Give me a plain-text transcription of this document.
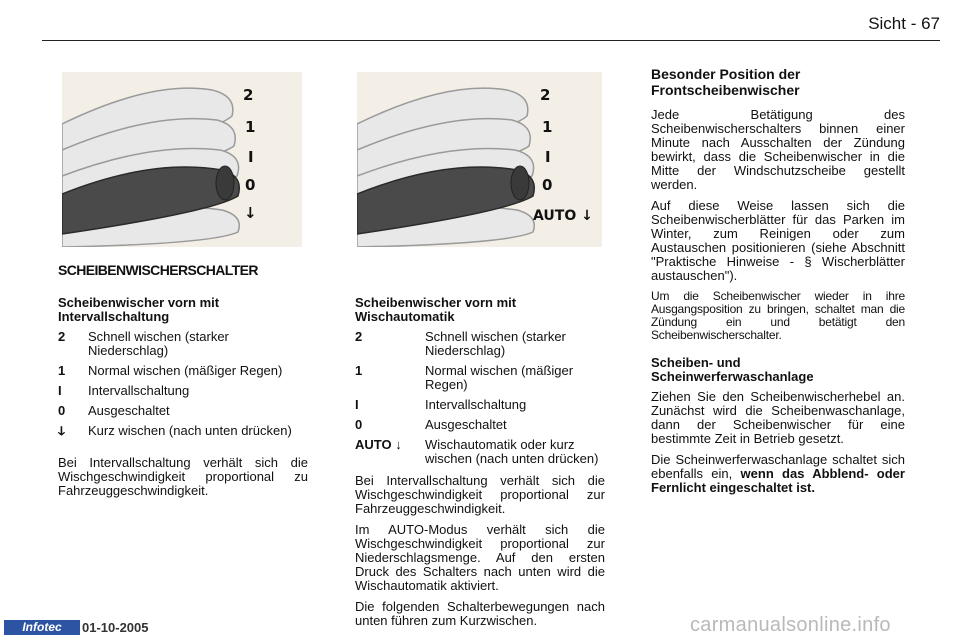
Sicht - 67
2
1
I
0
↓
2
1
I
0
AUTO ↓
SCHEIBENWISCHERSCHALTER
Scheibenwischer vorn mit Intervallschaltung
2	Schnell wischen (starker Niederschlag)
1	Normal wischen (mäßiger Regen)
I	Intervallschaltung
0	Ausgeschaltet
ↆ	Kurz wischen (nach unten drücken)

Bei Intervallschaltung verhält sich die Wischgeschwindigkeit proportional zu Fahrzeuggeschwindigkeit.

Scheibenwischer vorn mit Wischautomatik
2	Schnell wischen (starker Niederschlag)
1	Normal wischen (mäßiger Regen)
I	Intervallschaltung
0	Ausgeschaltet
AUTO ↓	Wischautomatik oder kurz wischen (nach unten drücken)

Bei Intervallschaltung verhält sich die Wischgeschwindigkeit proportional zur Fahrzeuggeschwindigkeit.

Im AUTO-Modus verhält sich die Wischgeschwindigkeit proportional zur Niederschlagsmenge. Auf den ersten Druck des Schalters nach unten wird die Wischautomatik aktiviert.

Die folgenden Schalterbewegungen nach unten führen zum Kurzwischen.

Besonder Position der Frontscheibenwischer

Jede Betätigung des Scheibenwischerschalters binnen einer Minute nach Ausschalten der Zündung bewirkt, dass die Scheibenwischer in die Mitte der Windschutzscheibe gestellt werden.

Auf diese Weise lassen sich die Scheibenwischerblätter für das Parken im Winter, zum Reinigen oder zum Austauschen positionieren (siehe Abschnitt "Praktische Hinweise - § Wischerblätter austauschen").

Um die Scheibenwischer wieder in ihre Ausgangsposition zu bringen, schaltet man die Zündung ein und betätigt den Scheibenwischerschalter.

Scheiben- und Scheinwerferwaschanlage

Ziehen Sie den Scheibenwischerhebel an. Zunächst wird die Scheibenwaschanlage, dann der Scheibenwischer für eine bestimmte Zeit in Betrieb gesetzt.

Die Scheinwerferwaschanlage schaltet sich ebenfalls ein, wenn das Abblend- oder Fernlicht eingeschaltet ist.

Infotec	01-10-2005	carmanualsonline.info
